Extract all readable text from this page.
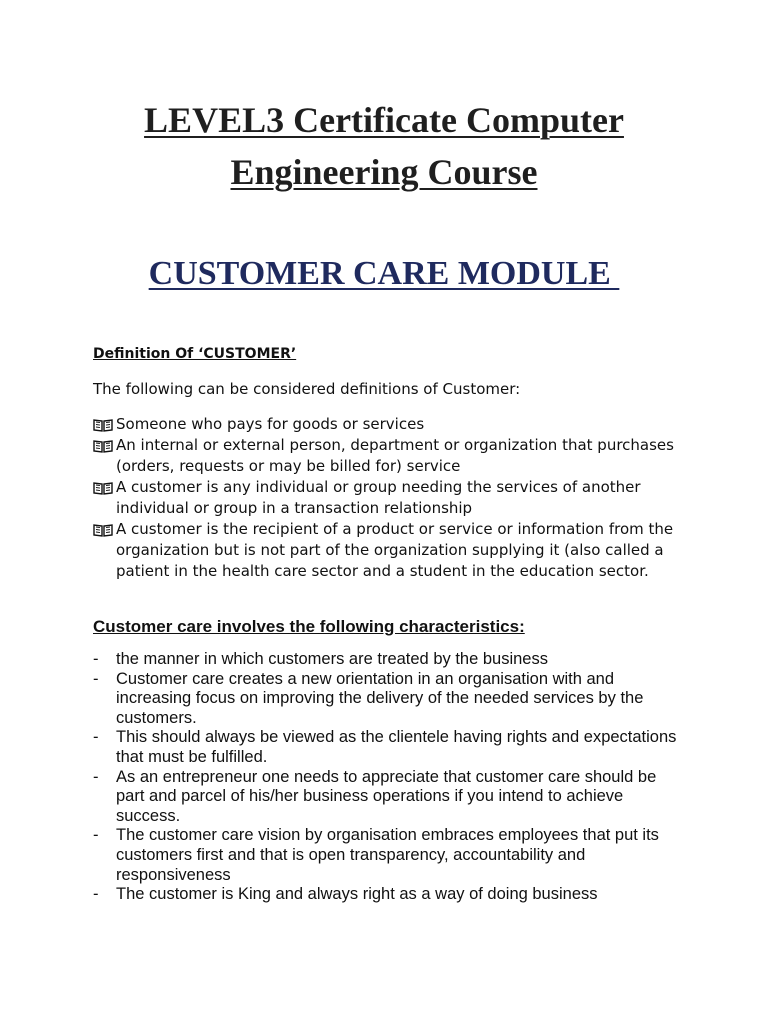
LEVEL3 Certificate Computer
Engineering Course
CUSTOMER CARE MODULE
Definition Of ‘CUSTOMER’
The following can be considered definitions of Customer:
Someone who pays for goods or services
An internal or external person, department or organization that purchases (orders, requests or may be billed for) service
A customer is any individual or group needing the services of another individual or group in a transaction relationship
A customer is the recipient of a product or service or information from the organization but is not part of the organization supplying it (also called a patient in the health care sector and a student in the education sector.
Customer care involves the following characteristics:
- the manner in which customers are treated by the business
- Customer care creates a new orientation in an organisation with and increasing focus on improving the delivery of the needed services by the customers.
- This should always be viewed as the clientele having rights and expectations that must be fulfilled.
- As an entrepreneur one needs to appreciate that customer care should be part and parcel of his/her business operations if you intend to achieve success.
- The customer care vision by organisation embraces employees that put its customers first and that is open transparency, accountability and responsiveness
- The customer is King and always right as a way of doing business
